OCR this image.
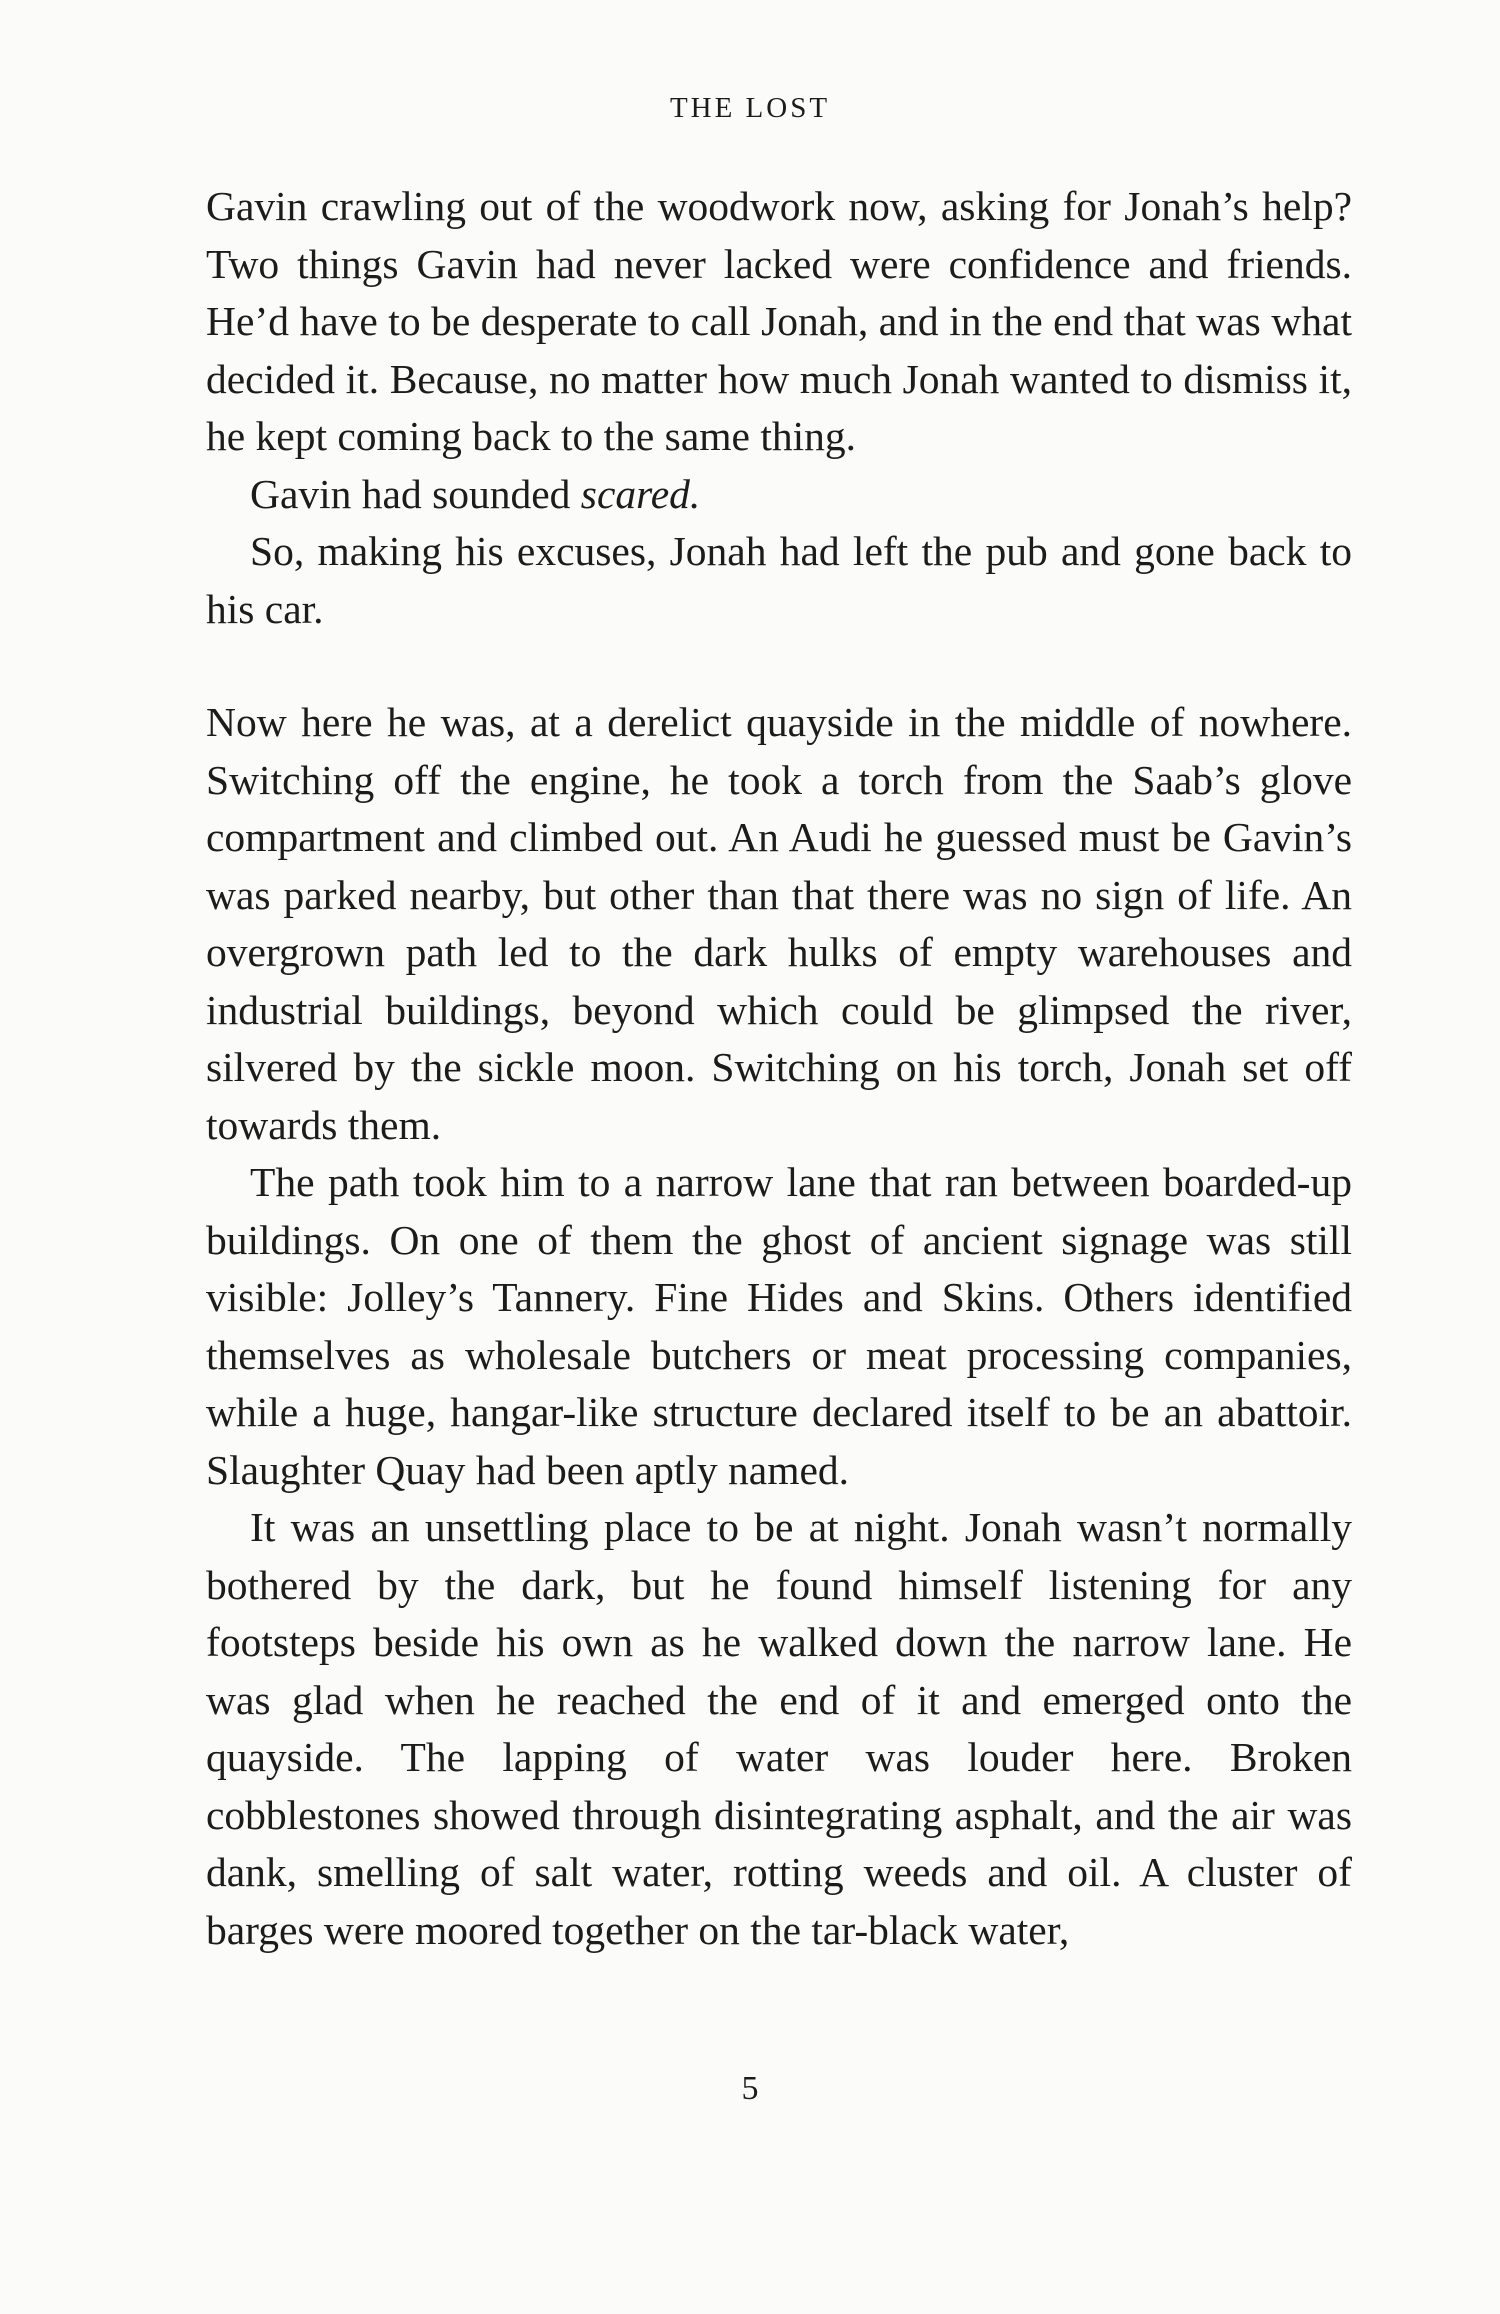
THE LOST

Gavin crawling out of the woodwork now, asking for Jonah’s help? Two things Gavin had never lacked were confidence and friends. He’d have to be desperate to call Jonah, and in the end that was what decided it. Because, no matter how much Jonah wanted to dismiss it, he kept coming back to the same thing.

Gavin had sounded scared.

So, making his excuses, Jonah had left the pub and gone back to his car.

Now here he was, at a derelict quayside in the middle of nowhere. Switching off the engine, he took a torch from the Saab’s glove compartment and climbed out. An Audi he guessed must be Gavin’s was parked nearby, but other than that there was no sign of life. An overgrown path led to the dark hulks of empty warehouses and industrial buildings, beyond which could be glimpsed the river, silvered by the sickle moon. Switching on his torch, Jonah set off towards them.

The path took him to a narrow lane that ran between boarded-up buildings. On one of them the ghost of ancient signage was still visible: Jolley’s Tannery. Fine Hides and Skins. Others identified themselves as wholesale butchers or meat processing companies, while a huge, hangar-like structure declared itself to be an abattoir. Slaughter Quay had been aptly named.

It was an unsettling place to be at night. Jonah wasn’t normally bothered by the dark, but he found himself listening for any footsteps beside his own as he walked down the narrow lane. He was glad when he reached the end of it and emerged onto the quayside. The lapping of water was louder here. Broken cobblestones showed through disintegrating asphalt, and the air was dank, smelling of salt water, rotting weeds and oil. A cluster of barges were moored together on the tar-black water,

5
